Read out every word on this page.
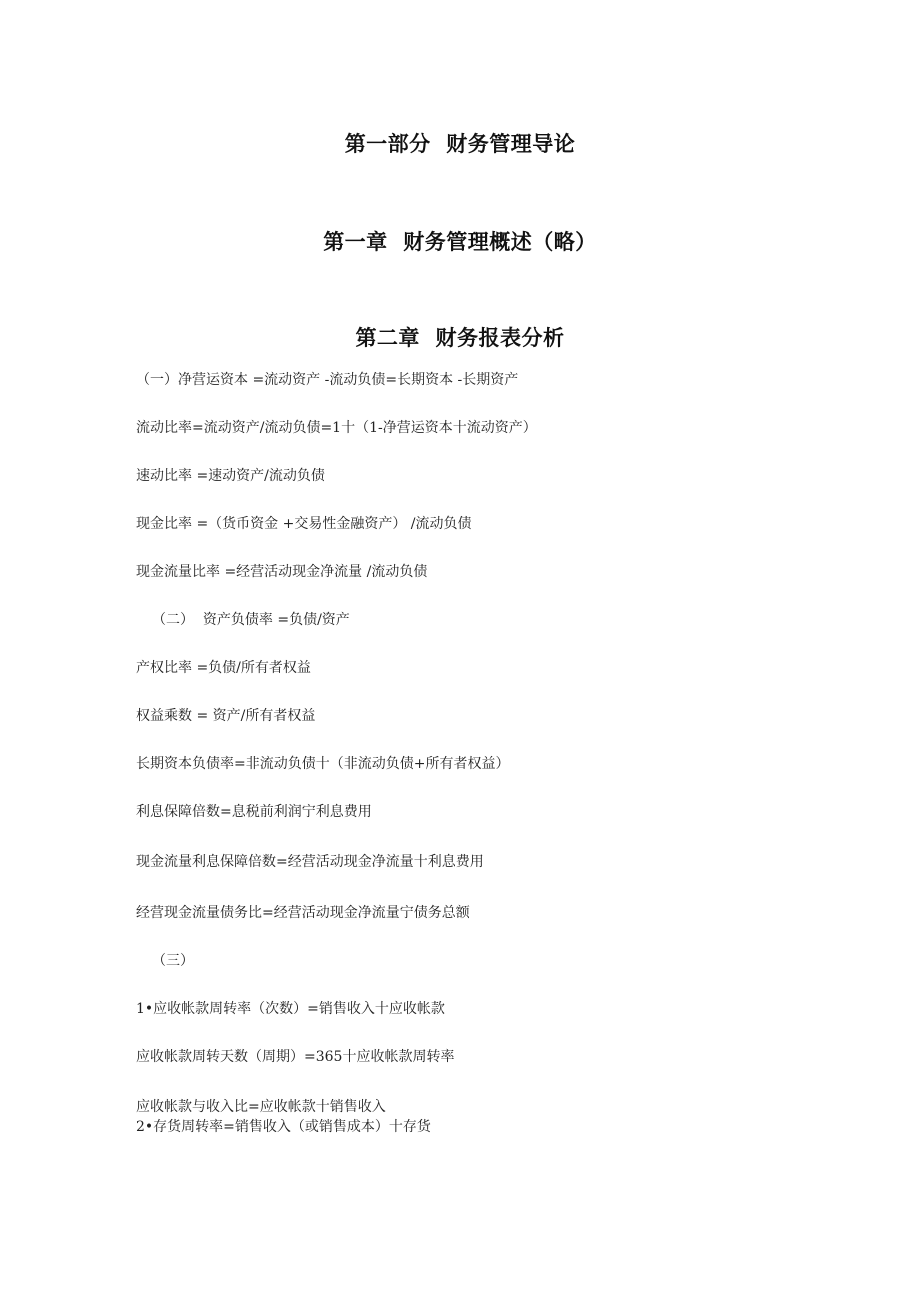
第一部分  财务管理导论
第一章  财务管理概述（略）
第二章  财务报表分析
（一）净营运资本 =流动资产 -流动负债=长期资本 -长期资产
流动比率=流动资产/流动负债=1十（1-净营运资本十流动资产）
速动比率 =速动资产/流动负债
现金比率 =（货币资金 +交易性金融资产） /流动负债
现金流量比率 =经营活动现金净流量 /流动负债
（二）  资产负债率 =负债/资产
产权比率 =负债/所有者权益
权益乘数 = 资产/所有者权益
长期资本负债率=非流动负债十（非流动负债+所有者权益）
利息保障倍数=息税前利润宁利息费用
现金流量利息保障倍数=经营活动现金净流量十利息费用
经营现金流量债务比=经营活动现金净流量宁债务总额
（三）
1•应收帐款周转率（次数）=销售收入十应收帐款
应收帐款周转天数（周期）=365十应收帐款周转率
应收帐款与收入比=应收帐款十销售收入
2•存货周转率=销售收入（或销售成本）十存货
